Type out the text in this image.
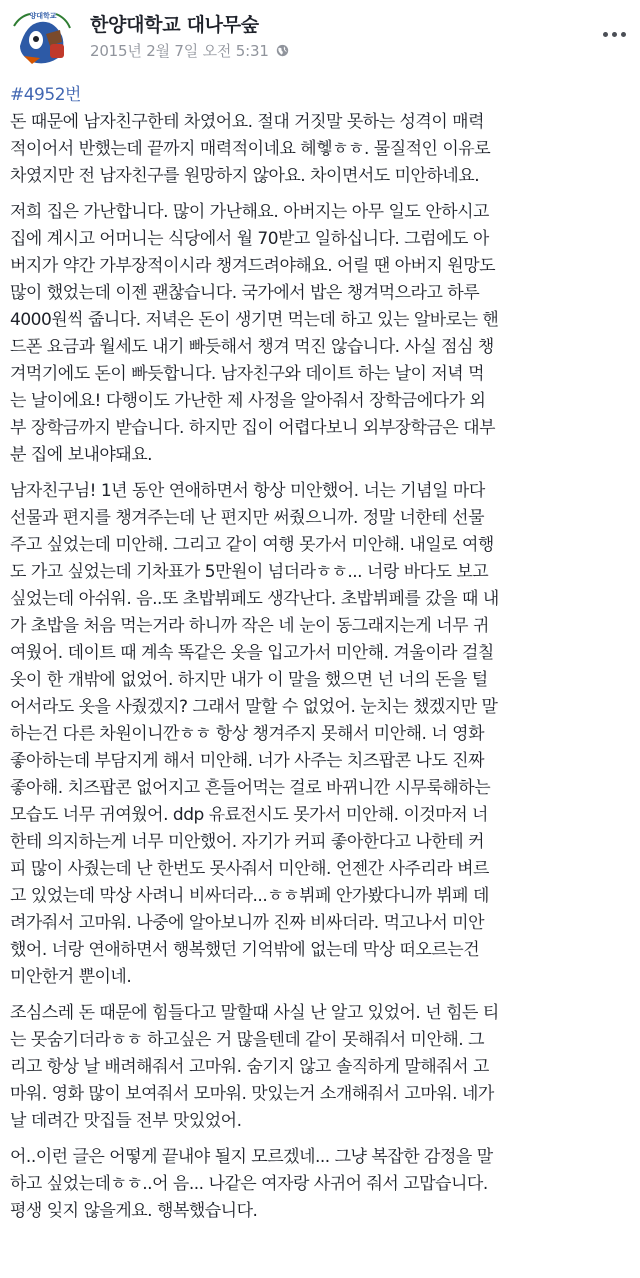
양대학교 한양대학교 대나무숲
2015년 2월 7일 오전 5:31
#4952번
돈 때문에 남자친구한테 차였어요. 절대 거짓말 못하는 성격이 매력
적이어서 반했는데 끝까지 매력적이네요 헤헿ㅎㅎ. 물질적인 이유로
차였지만 전 남자친구를 원망하지 않아요. 차이면서도 미안하네요.
저희 집은 가난합니다. 많이 가난해요. 아버지는 아무 일도 안하시고
집에 계시고 어머니는 식당에서 월 70받고 일하십니다. 그럼에도 아
버지가 약간 가부장적이시라 챙겨드려야해요. 어릴 땐 아버지 원망도
많이 했었는데 이젠 괜찮습니다. 국가에서 밥은 챙겨먹으라고 하루
4000원씩 줍니다. 저녁은 돈이 생기면 먹는데 하고 있는 알바로는 핸
드폰 요금과 월세도 내기 빠듯해서 챙겨 먹진 않습니다. 사실 점심 챙
겨먹기에도 돈이 빠듯합니다. 남자친구와 데이트 하는 날이 저녁 먹
는 날이에요! 다행이도 가난한 제 사정을 알아줘서 장학금에다가 외
부 장학금까지 받습니다. 하지만 집이 어렵다보니 외부장학금은 대부
분 집에 보내야돼요.
남자친구님! 1년 동안 연애하면서 항상 미안했어. 너는 기념일 마다
선물과 편지를 챙겨주는데 난 편지만 써줬으니까. 정말 너한테 선물
주고 싶었는데 미안해. 그리고 같이 여행 못가서 미안해. 내일로 여행
도 가고 싶었는데 기차표가 5만원이 넘더라ㅎㅎ... 너랑 바다도 보고
싶었는데 아쉬워. 음..또 초밥뷔페도 생각난다. 초밥뷔페를 갔을 때 내
가 초밥을 처음 먹는거라 하니까 작은 네 눈이 동그래지는게 너무 귀
여웠어. 데이트 때 계속 똑같은 옷을 입고가서 미안해. 겨울이라 걸칠
옷이 한 개밖에 없었어. 하지만 내가 이 말을 했으면 넌 너의 돈을 털
어서라도 옷을 사줬겠지? 그래서 말할 수 없었어. 눈치는 챘겠지만 말
하는건 다른 차원이니깐ㅎㅎ 항상 챙겨주지 못해서 미안해. 너 영화
좋아하는데 부담지게 해서 미안해. 너가 사주는 치즈팝콘 나도 진짜
좋아해. 치즈팝콘 없어지고 흔들어먹는 걸로 바뀌니깐 시무룩해하는
모습도 너무 귀여웠어. ddp 유료전시도 못가서 미안해. 이것마저 너
한테 의지하는게 너무 미안했어. 자기가 커피 좋아한다고 나한테 커
피 많이 사줬는데 난 한번도 못사줘서 미안해. 언젠간 사주리라 벼르
고 있었는데 막상 사려니 비싸더라...ㅎㅎ뷔페 안가봤다니까 뷔페 데
려가줘서 고마워. 나중에 알아보니까 진짜 비싸더라. 먹고나서 미안
했어. 너랑 연애하면서 행복했던 기억밖에 없는데 막상 떠오르는건
미안한거 뿐이네.
조심스레 돈 때문에 힘들다고 말할때 사실 난 알고 있었어. 넌 힘든 티
는 못숨기더라ㅎㅎ 하고싶은 거 많을텐데 같이 못해줘서 미안해. 그
리고 항상 날 배려해줘서 고마워. 숨기지 않고 솔직하게 말해줘서 고
마워. 영화 많이 보여줘서 모마워. 맛있는거 소개해줘서 고마워. 네가
날 데려간 맛집들 전부 맛있었어.
어..이런 글은 어떻게 끝내야 될지 모르겠네... 그냥 복잡한 감정을 말
하고 싶었는데ㅎㅎ..어 음... 나같은 여자랑 사귀어 줘서 고맙습니다.
평생 잊지 않을게요. 행복했습니다.
